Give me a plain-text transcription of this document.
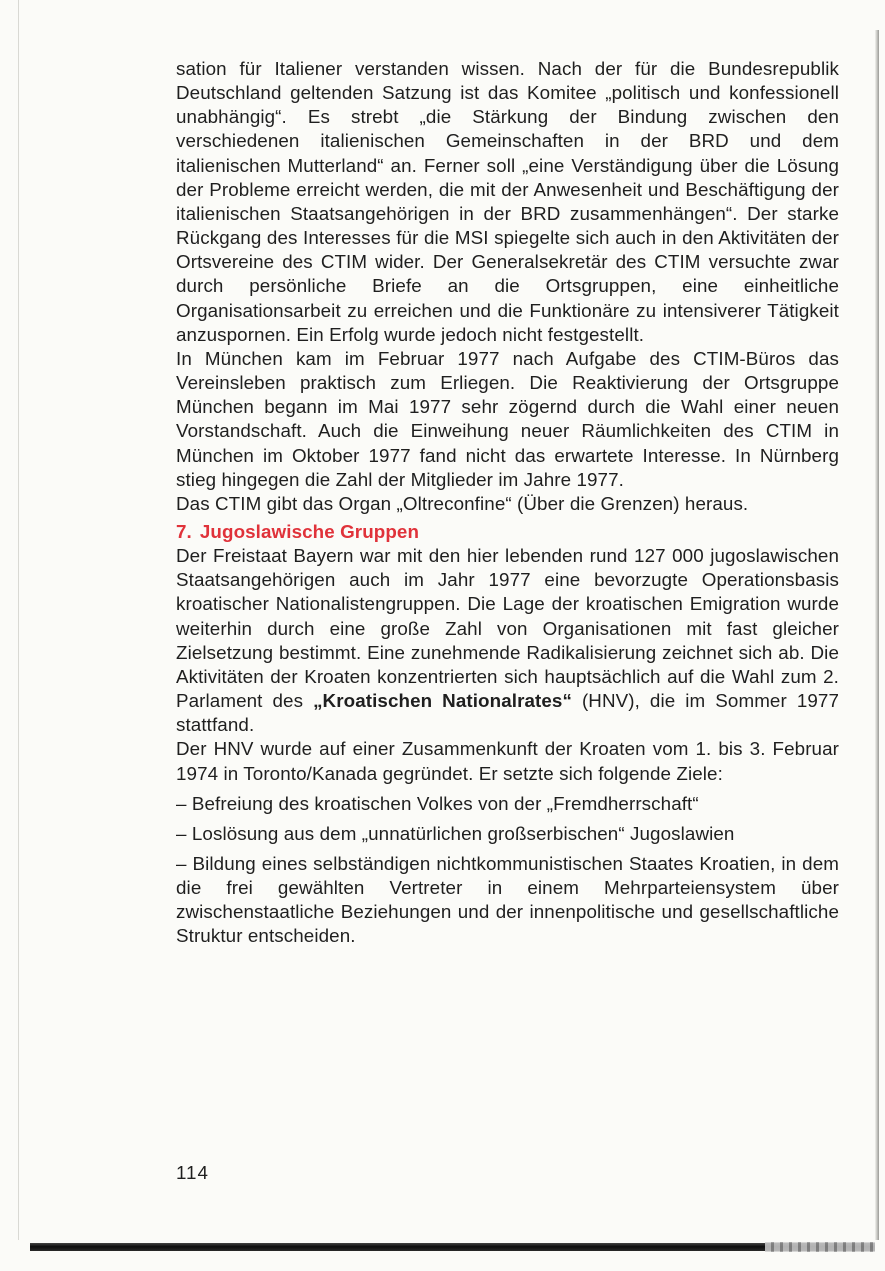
sation für Italiener verstanden wissen. Nach der für die Bundesrepublik Deutschland geltenden Satzung ist das Komitee „politisch und konfessionell unabhängig“. Es strebt „die Stärkung der Bindung zwischen den verschiedenen italienischen Gemeinschaften in der BRD und dem italienischen Mutterland“ an. Ferner soll „eine Verständigung über die Lösung der Probleme erreicht werden, die mit der Anwesenheit und Beschäftigung der italienischen Staatsangehörigen in der BRD zusammenhängen“. Der starke Rückgang des Interesses für die MSI spiegelte sich auch in den Aktivitäten der Ortsvereine des CTIM wider. Der Generalsekretär des CTIM versuchte zwar durch persönliche Briefe an die Ortsgruppen, eine einheitliche Organisationsarbeit zu erreichen und die Funktionäre zu intensiverer Tätigkeit anzuspornen. Ein Erfolg wurde jedoch nicht festgestellt.

In München kam im Februar 1977 nach Aufgabe des CTIM-Büros das Vereinsleben praktisch zum Erliegen. Die Reaktivierung der Ortsgruppe München begann im Mai 1977 sehr zögernd durch die Wahl einer neuen Vorstandschaft. Auch die Einweihung neuer Räumlichkeiten des CTIM in München im Oktober 1977 fand nicht das erwartete Interesse. In Nürnberg stieg hingegen die Zahl der Mitglieder im Jahre 1977.

Das CTIM gibt das Organ „Oltreconfine“ (Über die Grenzen) heraus.

7. Jugoslawische Gruppen

Der Freistaat Bayern war mit den hier lebenden rund 127 000 jugoslawischen Staatsangehörigen auch im Jahr 1977 eine bevorzugte Operationsbasis kroatischer Nationalistengruppen. Die Lage der kroatischen Emigration wurde weiterhin durch eine große Zahl von Organisationen mit fast gleicher Zielsetzung bestimmt. Eine zunehmende Radikalisierung zeichnet sich ab. Die Aktivitäten der Kroaten konzentrierten sich hauptsächlich auf die Wahl zum 2. Parlament des „Kroatischen Nationalrates“ (HNV), die im Sommer 1977 stattfand.

Der HNV wurde auf einer Zusammenkunft der Kroaten vom 1. bis 3. Februar 1974 in Toronto/Kanada gegründet. Er setzte sich folgende Ziele:

– Befreiung des kroatischen Volkes von der „Fremdherrschaft“

– Loslösung aus dem „unnatürlichen großserbischen“ Jugoslawien

– Bildung eines selbständigen nichtkommunistischen Staates Kroatien, in dem die frei gewählten Vertreter in einem Mehrparteiensystem über zwischenstaatliche Beziehungen und der innenpolitische und gesellschaftliche Struktur entscheiden.

114
